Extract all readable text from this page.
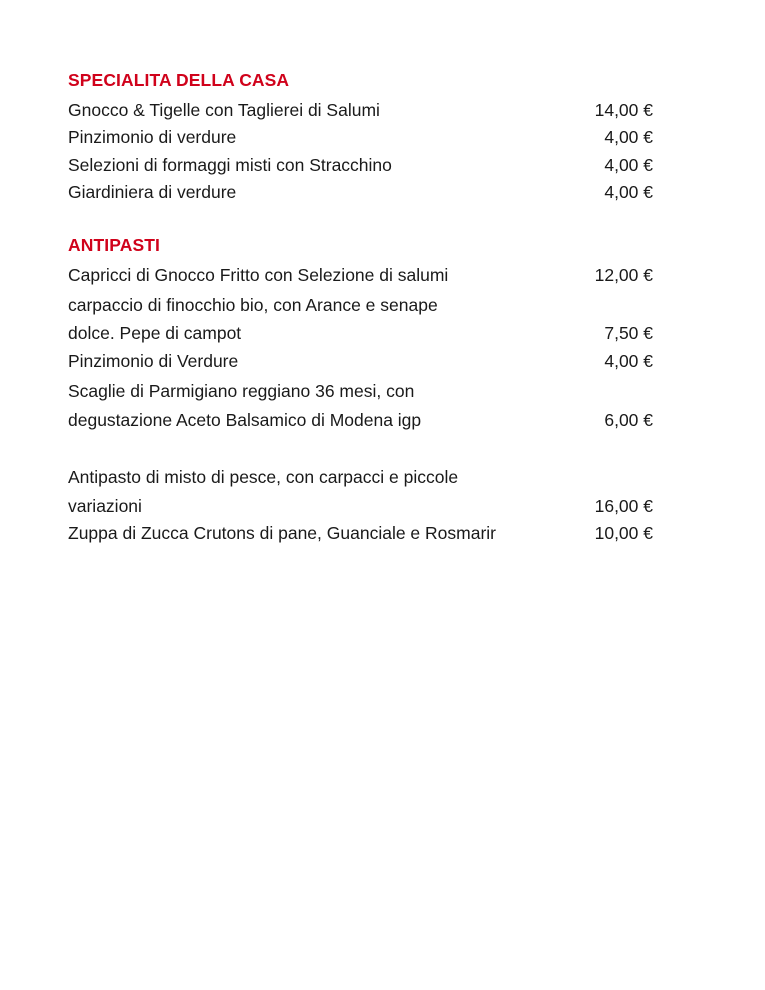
SPECIALITA DELLA CASA
Gnocco & Tigelle con Taglierei di Salumi	14,00 €
Pinzimonio di verdure	4,00 €
Selezioni di formaggi misti con Stracchino	4,00 €
Giardiniera di verdure	4,00 €
ANTIPASTI
Capricci di Gnocco Fritto con Selezione di salumi	12,00 €
carpaccio di finocchio bio, con Arance e senape
dolce. Pepe di campot	7,50 €
Pinzimonio di Verdure	4,00 €
Scaglie di Parmigiano reggiano 36 mesi, con
degustazione Aceto Balsamico di Modena igp	6,00 €
Antipasto di misto di pesce, con carpacci e piccole
variazioni	16,00 €
Zuppa di Zucca Crutons di pane, Guanciale e Rosmarir	10,00 €
